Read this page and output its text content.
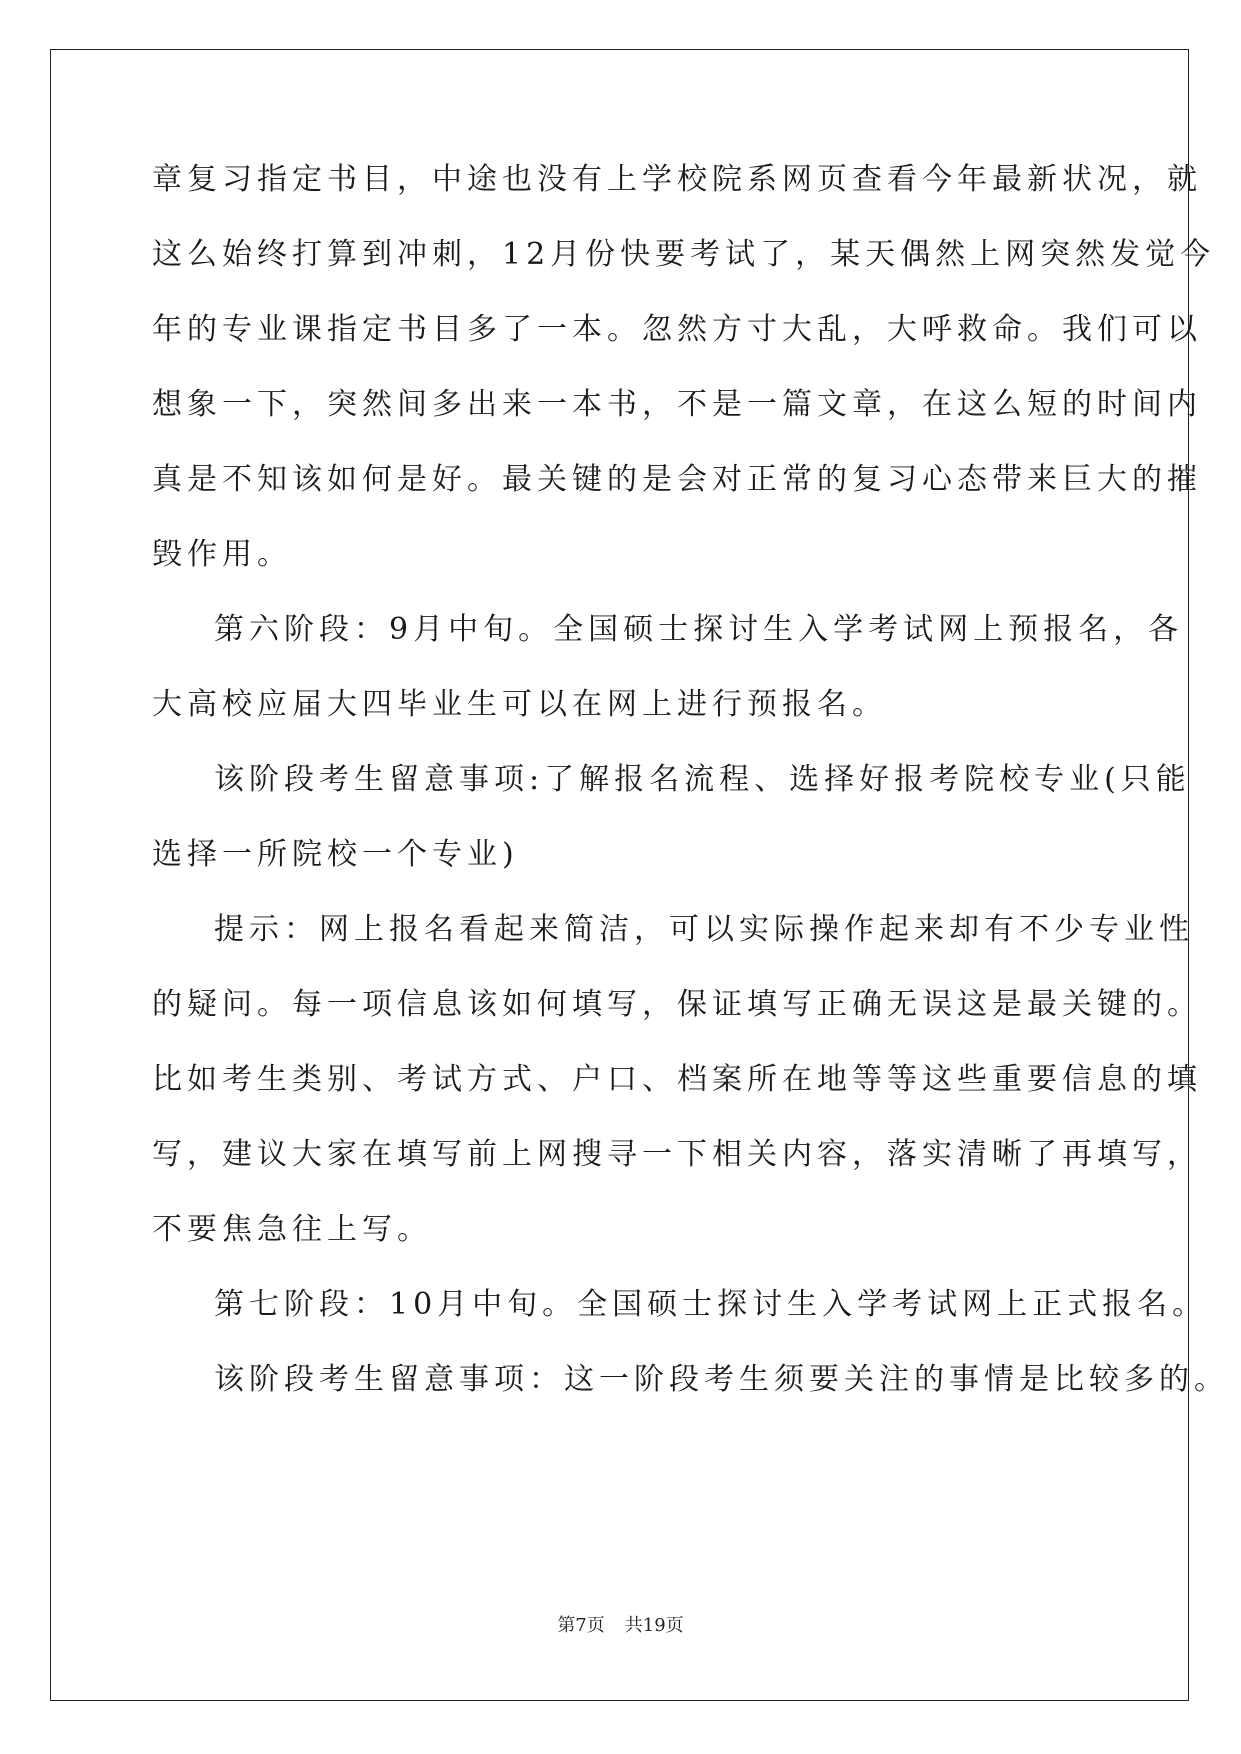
章复习指定书目，中途也没有上学校院系网页查看今年最新状况，就
这么始终打算到冲刺，12月份快要考试了，某天偶然上网突然发觉今
年的专业课指定书目多了一本。忽然方寸大乱，大呼救命。我们可以
想象一下，突然间多出来一本书，不是一篇文章，在这么短的时间内
真是不知该如何是好。最关键的是会对正常的复习心态带来巨大的摧
毁作用。
第六阶段：9月中旬。全国硕士探讨生入学考试网上预报名，各
大高校应届大四毕业生可以在网上进行预报名。
该阶段考生留意事项:了解报名流程、选择好报考院校专业(只能
选择一所院校一个专业)
提示：网上报名看起来简洁，可以实际操作起来却有不少专业性
的疑问。每一项信息该如何填写，保证填写正确无误这是最关键的。
比如考生类别、考试方式、户口、档案所在地等等这些重要信息的填
写，建议大家在填写前上网搜寻一下相关内容，落实清晰了再填写，
不要焦急往上写。
第七阶段：10月中旬。全国硕士探讨生入学考试网上正式报名。
该阶段考生留意事项：这一阶段考生须要关注的事情是比较多的。
第7页 共19页
